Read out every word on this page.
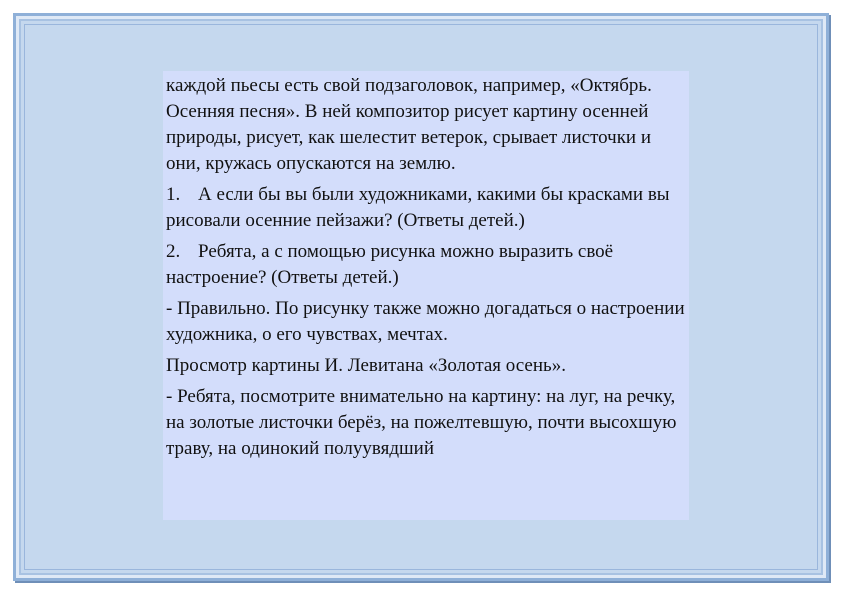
каждой пьесы есть свой подзаголовок, например, «Октябрь. Осенняя песня». В ней композитор рисует картину осенней природы, рисует, как шелестит ветерок, срывает листочки и они, кружась опускаются на землю.

1. А если бы вы были художниками, какими бы красками вы рисовали осенние пейзажи? (Ответы детей.)

2. Ребята, а с помощью рисунка можно выразить своё настроение? (Ответы детей.)

- Правильно. По рисунку также можно догадаться о настроении художника, о его чувствах, мечтах.

Просмотр картины И. Левитана «Золотая осень».

- Ребята, посмотрите внимательно на картину: на луг, на речку, на золотые листочки берёз, на пожелтевшую, почти высохшую траву, на одинокий полуувядший
